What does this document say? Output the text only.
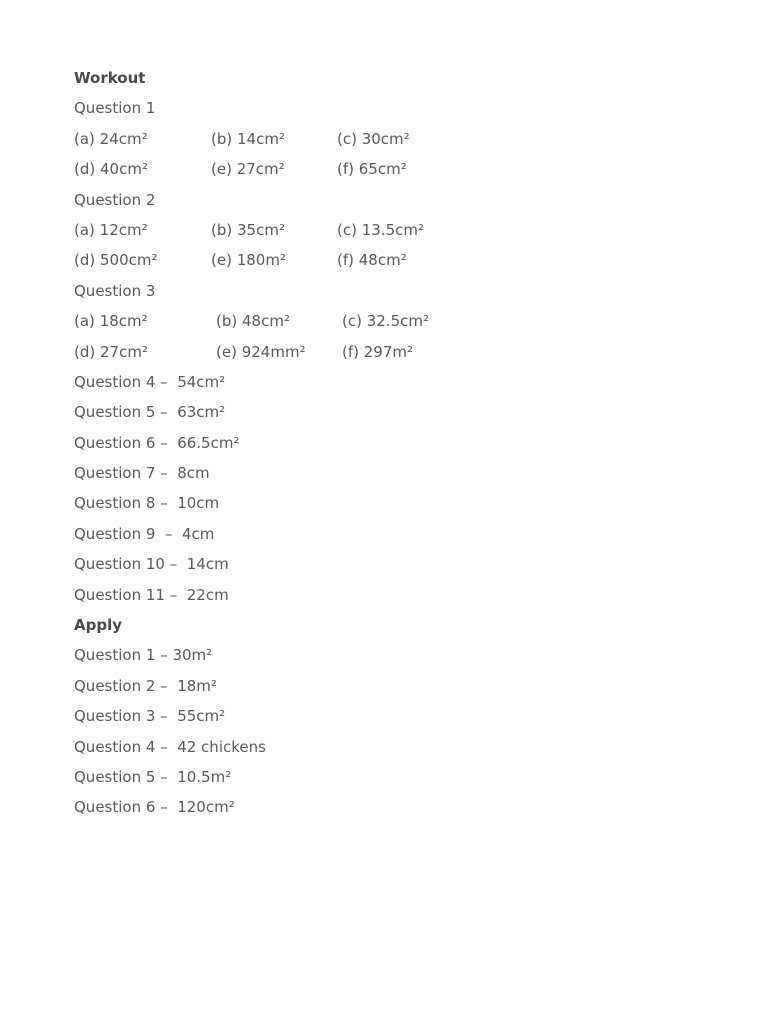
Workout
Question 1
(a) 24cm²	(b) 14cm²	(c) 30cm²
(d) 40cm²	(e) 27cm²	(f) 65cm²
Question 2
(a) 12cm²	(b) 35cm²	(c) 13.5cm²
(d) 500cm²	(e) 180m²	(f) 48cm²
Question 3
(a) 18cm²	(b) 48cm²	(c) 32.5cm²
(d) 27cm²	(e) 924mm²	(f) 297m²
Question 4 –  54cm²
Question 5 –  63cm²
Question 6 –  66.5cm²
Question 7 –  8cm
Question 8 –  10cm
Question 9  –  4cm
Question 10 –  14cm
Question 11 –  22cm
Apply
Question 1 – 30m²
Question 2 –  18m²
Question 3 –  55cm²
Question 4 –  42 chickens
Question 5 –  10.5m²
Question 6 –  120cm²
